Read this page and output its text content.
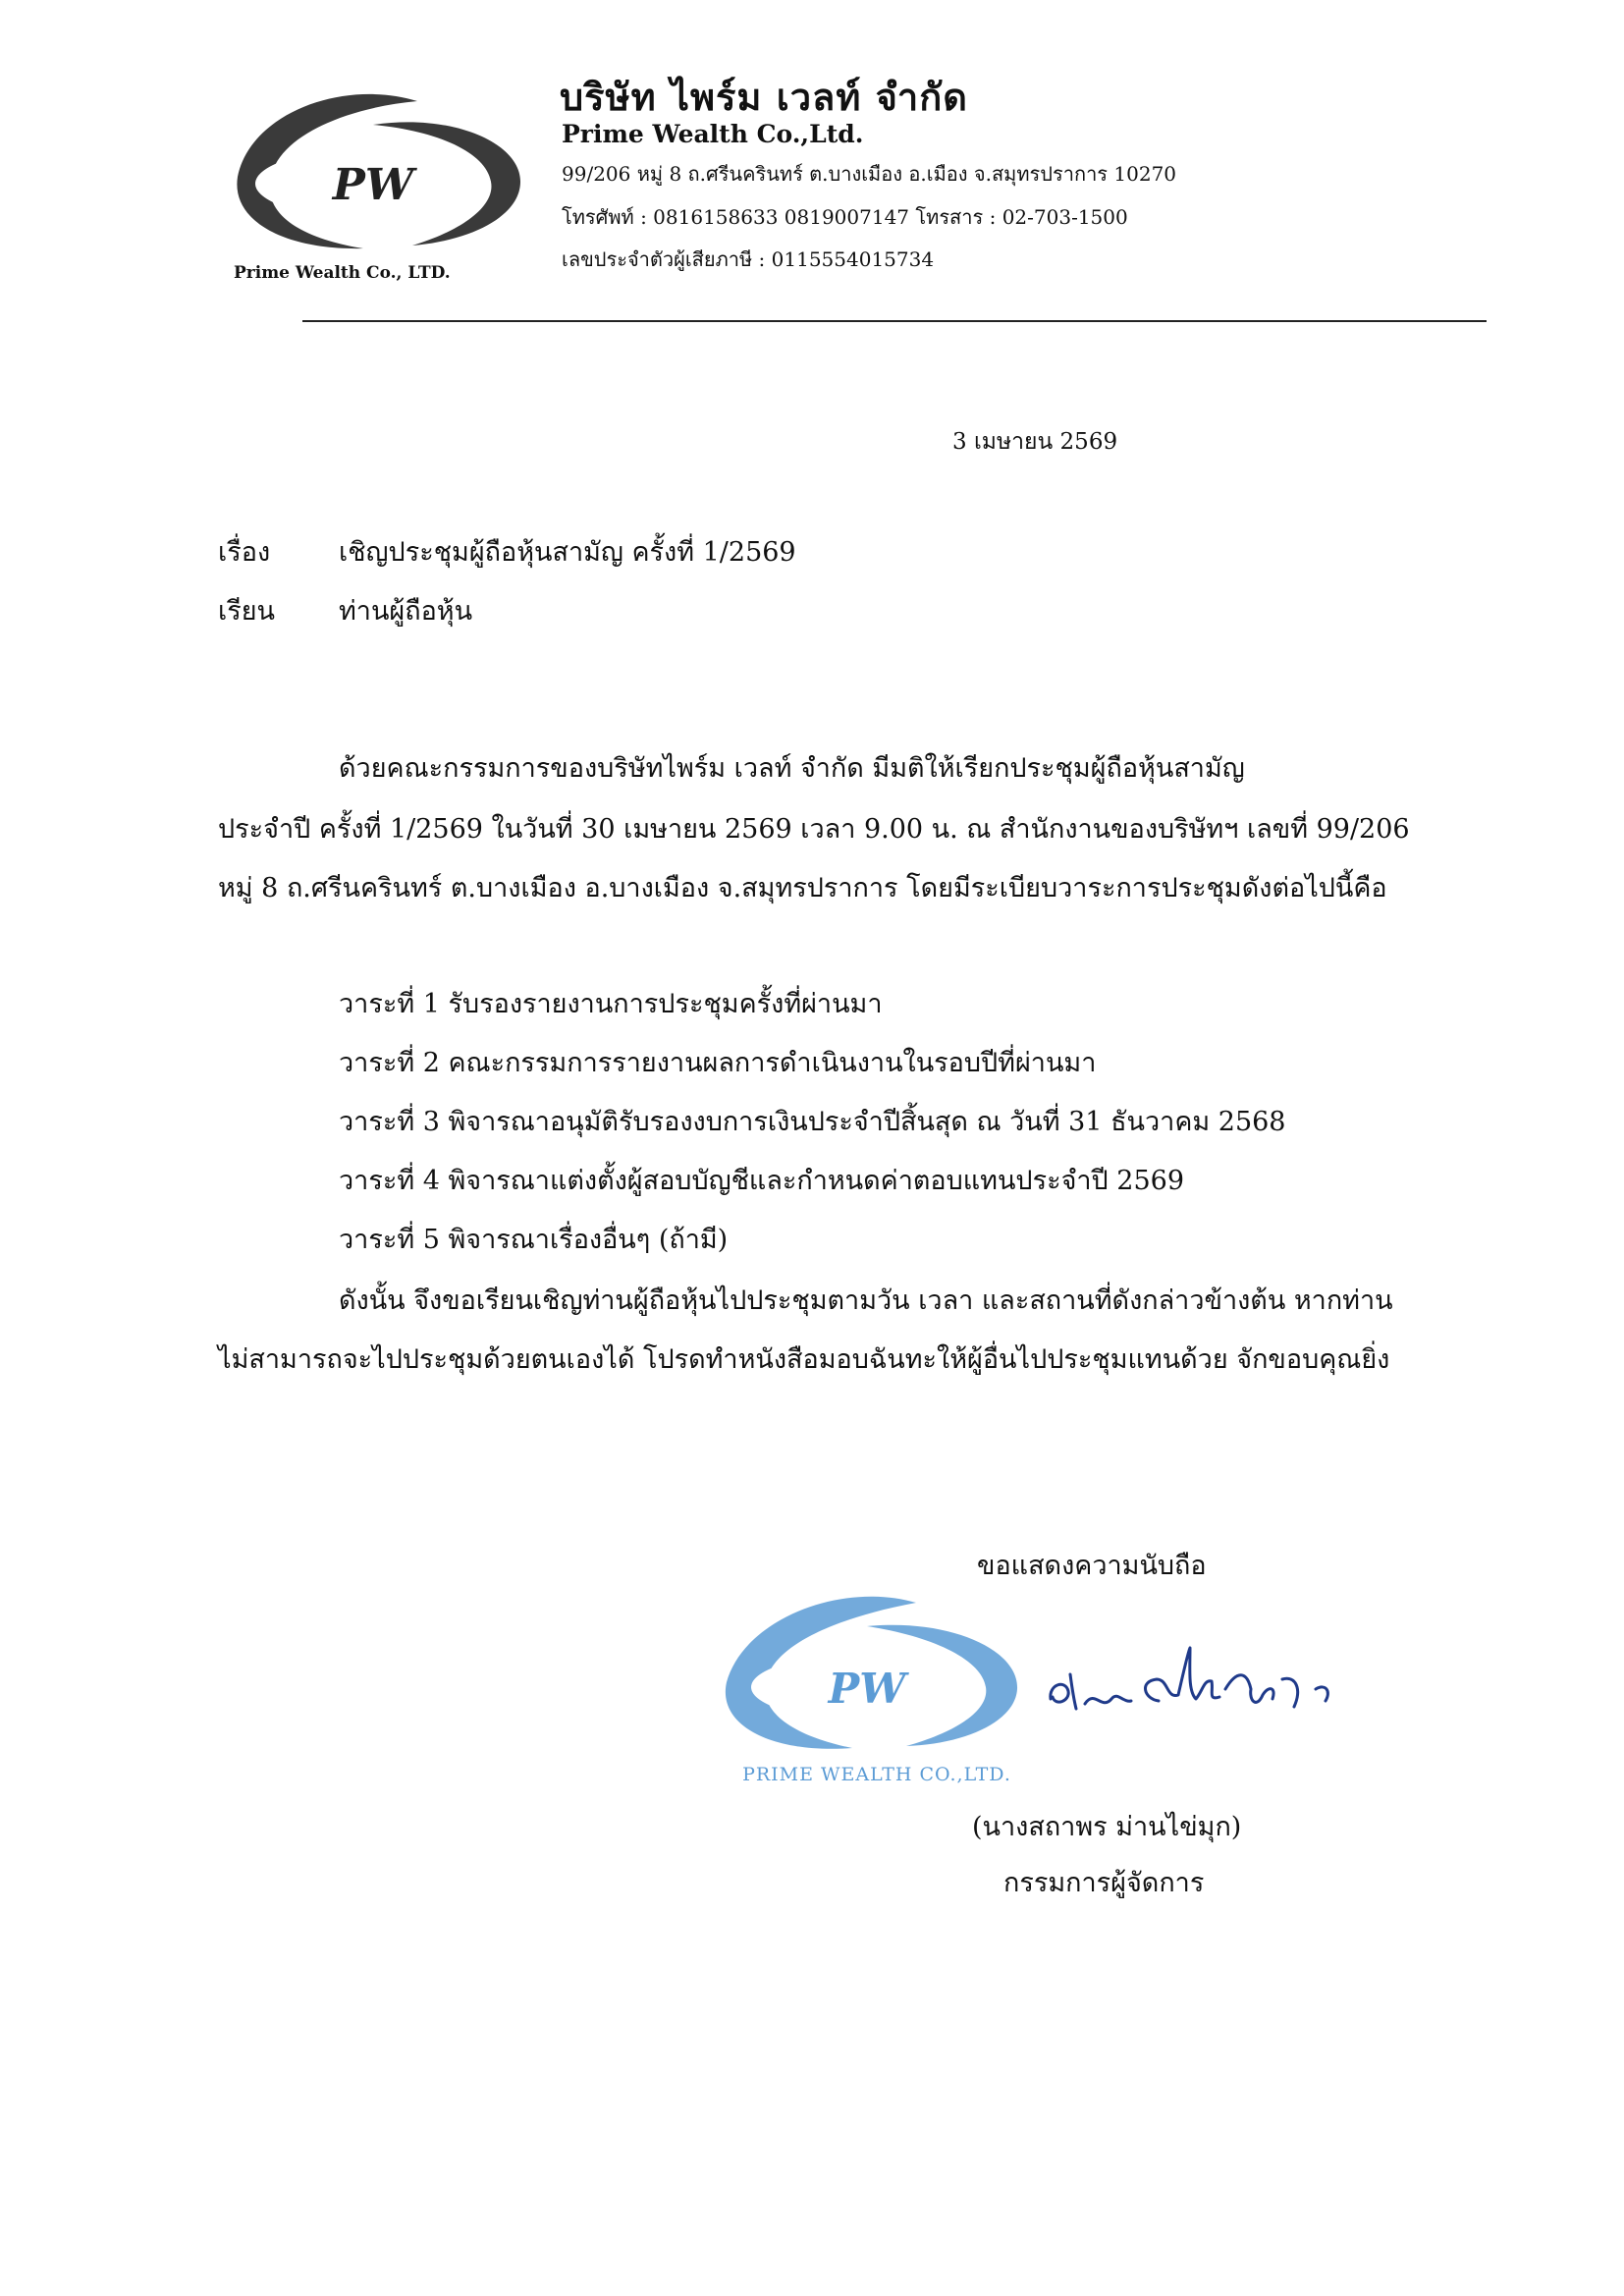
PW
Prime Wealth Co., LTD.
บริษัท ไพร์ม เวลท์ จำกัด
Prime Wealth Co.,Ltd.
99/206 หมู่ 8 ถ.ศรีนครินทร์ ต.บางเมือง อ.เมือง จ.สมุทรปราการ 10270
โทรศัพท์ : 0816158633 0819007147 โทรสาร : 02-703-1500
เลขประจำตัวผู้เสียภาษี : 0115554015734
3 เมษายน 2569
เรื่อง	เชิญประชุมผู้ถือหุ้นสามัญ ครั้งที่ 1/2569
เรียน ท่านผู้ถือหุ้น
ด้วยคณะกรรมการของบริษัทไพร์ม เวลท์ จำกัด มีมติให้เรียกประชุมผู้ถือหุ้นสามัญ
ประจำปี ครั้งที่ 1/2569 ในวันที่ 30 เมษายน 2569 เวลา 9.00 น. ณ สำนักงานของบริษัทฯ เลขที่ 99/206
หมู่ 8 ถ.ศรีนครินทร์ ต.บางเมือง อ.บางเมือง จ.สมุทรปราการ โดยมีระเบียบวาระการประชุมดังต่อไปนี้คือ
วาระที่ 1 รับรองรายงานการประชุมครั้งที่ผ่านมา
วาระที่ 2 คณะกรรมการรายงานผลการดำเนินงานในรอบปีที่ผ่านมา
วาระที่ 3 พิจารณาอนุมัติรับรองงบการเงินประจำปีสิ้นสุด ณ วันที่ 31 ธันวาคม 2568
วาระที่ 4 พิจารณาแต่งตั้งผู้สอบบัญชีและกำหนดค่าตอบแทนประจำปี 2569
วาระที่ 5 พิจารณาเรื่องอื่นๆ (ถ้ามี)
ดังนั้น จึงขอเรียนเชิญท่านผู้ถือหุ้นไปประชุมตามวัน เวลา และสถานที่ดังกล่าวข้างต้น หากท่าน
ไม่สามารถจะไปประชุมด้วยตนเองได้ โปรดทำหนังสือมอบฉันทะให้ผู้อื่นไปประชุมแทนด้วย จักขอบคุณยิ่ง
ขอแสดงความนับถือ
PW
PRIME WEALTH CO.,LTD.
(นางสถาพร ม่านไข่มุก)
กรรมการผู้จัดการ
